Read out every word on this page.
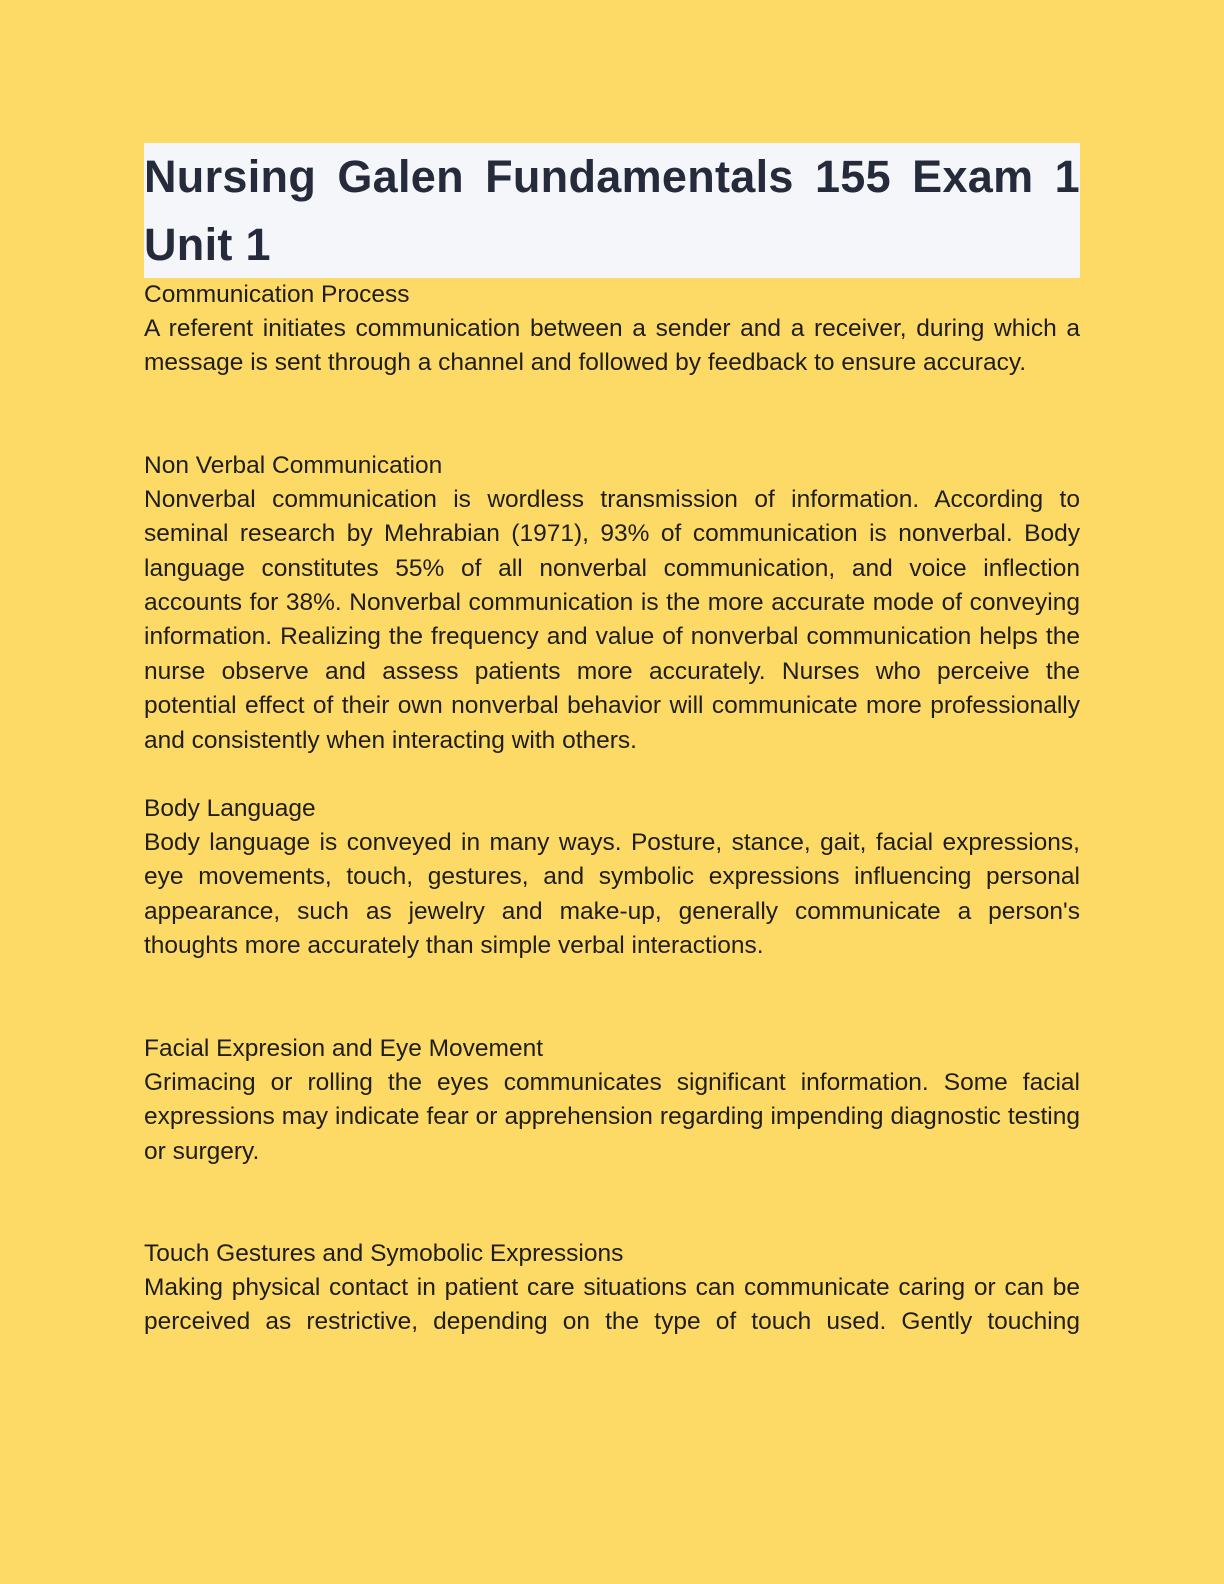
Nursing Galen Fundamentals 155 Exam 1 Unit 1

Communication Process

A referent initiates communication between a sender and a receiver, during which a message is sent through a channel and followed by feedback to ensure accuracy.

Non Verbal Communication

Nonverbal communication is wordless transmission of information. According to seminal research by Mehrabian (1971), 93% of communication is nonverbal. Body language constitutes 55% of all nonverbal communication, and voice inflection accounts for 38%. Nonverbal communication is the more accurate mode of conveying information. Realizing the frequency and value of nonverbal communication helps the nurse observe and assess patients more accurately. Nurses who perceive the potential effect of their own nonverbal behavior will communicate more professionally and consistently when interacting with others.

Body Language

Body language is conveyed in many ways. Posture, stance, gait, facial expressions, eye movements, touch, gestures, and symbolic expressions influencing personal appearance, such as jewelry and make-up, generally communicate a person's thoughts more accurately than simple verbal interactions.

Facial Expresion and Eye Movement

Grimacing or rolling the eyes communicates significant information. Some facial expressions may indicate fear or apprehension regarding impending diagnostic testing or surgery.

Touch Gestures and Symobolic Expressions

Making physical contact in patient care situations can communicate caring or can be perceived as restrictive, depending on the type of touch used. Gently touching
